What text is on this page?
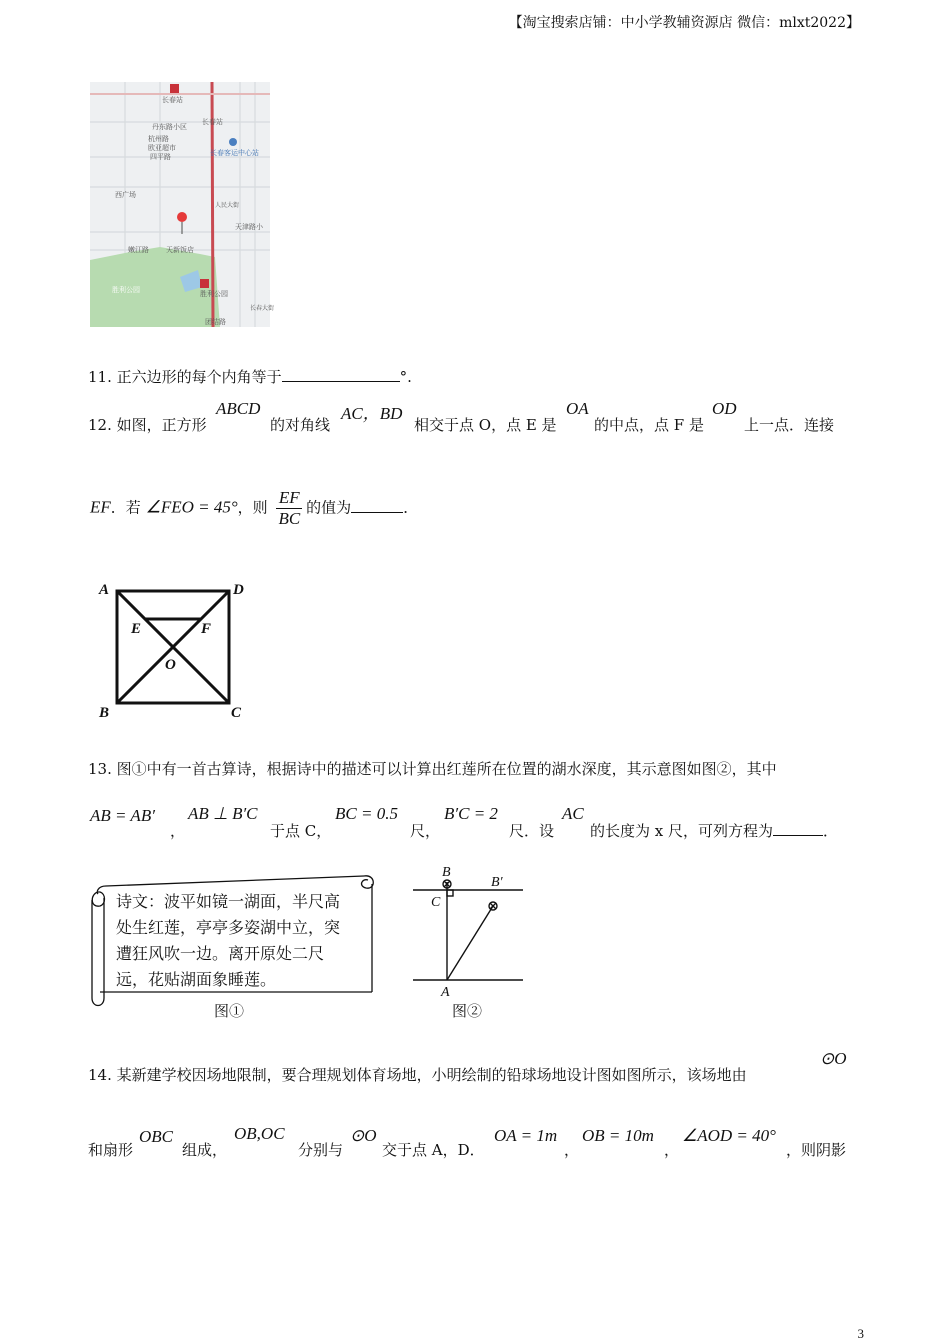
【淘宝搜索店铺：中小学教辅资源店 微信：mlxt2022】
长春站
长春站
丹东路小区
杭州路
欧亚超市
四平路	长春客运中心站
西广场
人民大街
天津路小
嫩江路 天新饭店
胜利公园	胜利公园
团结路
长春大街
11. 正六边形的每个内角等于	°.
12. 如图，正方形
ABCD
的对角线
AC，BD
相交于点 O，点 E 是
OA
的中点，点 F 是
OD
上一点．连接
EF．若 ∠FEO = 45°，则 $\frac{EF}{BC}$ 的值为	．
A	D
E	F
O
B	C
13. 图①中有一首古算诗，根据诗中的描述可以计算出红莲所在位置的湖水深度，其示意图如图②，其中
AB = AB′
，
AB ⊥ B′C
于点 C，
BC = 0.5
尺，
B′C = 2
尺．设
AC
的长度为 x 尺，可列方程为	．
诗文：波平如镜一湖面，半尺高
处生红莲，亭亭多姿湖中立，突
遭狂风吹一边。离开原处二尺
远，花贴湖面象睡莲。
图①
B
B′
C
A
图②
14. 某新建学校因场地限制，要合理规划体育场地，小明绘制的铅球场地设计图如图所示，该场地由
⊙O
和扇形
OBC
组成，
OB,OC
分别与
⊙O
交于点 A，D．
OA = 1m
，
OB = 10m
，
∠AOD = 40°
，则阴影
3
